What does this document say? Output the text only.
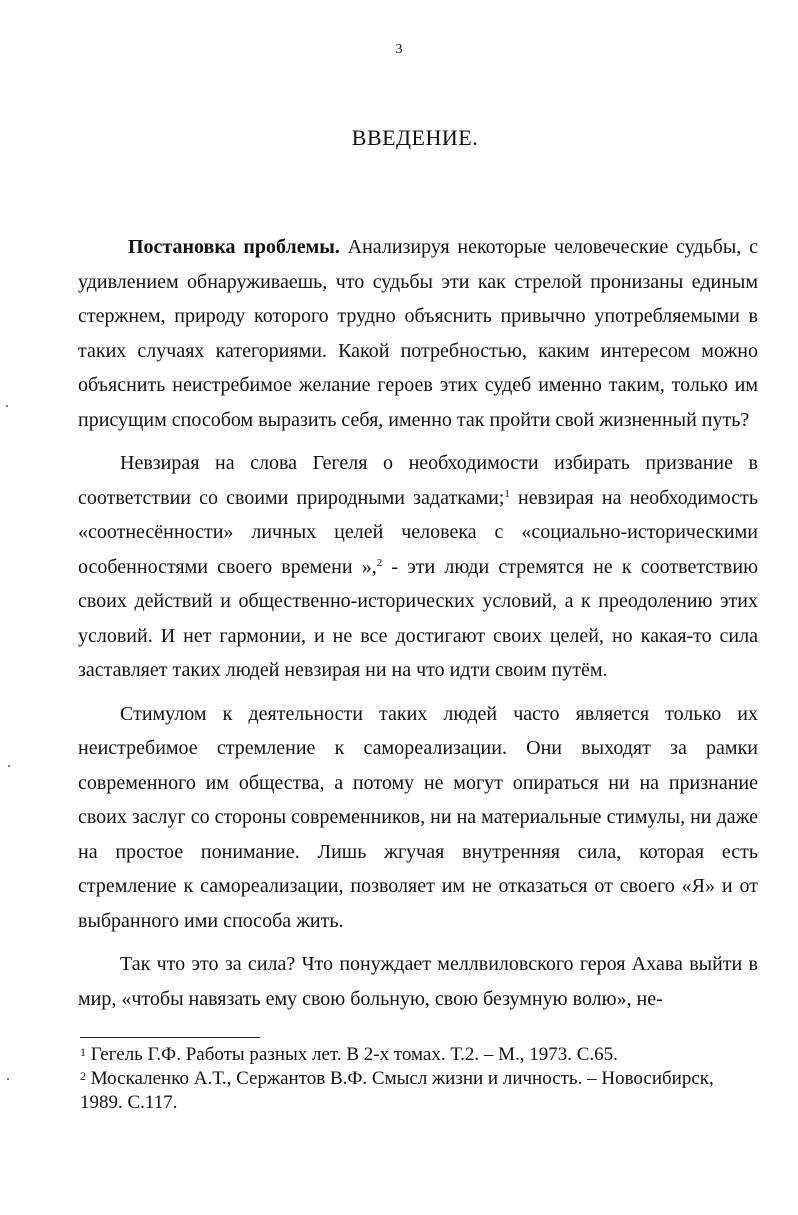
3
ВВЕДЕНИЕ.

Постановка проблемы. Анализируя некоторые человеческие судьбы, с удивлением обнаруживаешь, что судьбы эти как стрелой пронизаны единым стержнем, природу которого трудно объяснить привычно употребляемыми в таких случаях категориями. Какой потребностью, каким интересом можно объяснить неистребимое желание героев этих судеб именно таким, только им присущим способом выразить себя, именно так пройти свой жизненный путь?

Невзирая на слова Гегеля о необходимости избирать призвание в соответствии со своими природными задатками;$^1$ невзирая на необходимость «соотнесённости» личных целей человека с «социально-историческими особенностями своего времени »,$^2$ - эти люди стремятся не к соответствию своих действий и общественно-исторических условий, а к преодолению этих условий. И нет гармонии, и не все достигают своих целей, но какая-то сила заставляет таких людей невзирая ни на что идти своим путём.

Стимулом к деятельности таких людей часто является только их неистребимое стремление к самореализации. Они выходят за рамки современного им общества, а потому не могут опираться ни на признание своих заслуг со стороны современников, ни на материальные стимулы, ни даже на простое понимание. Лишь жгучая внутренняя сила, которая есть стремление к самореализации, позволяет им не отказаться от своего «Я» и от выбранного ими способа жить.

Так что это за сила? Что понуждает меллвиловского героя Ахава выйти в мир, «чтобы навязать ему свою больную, свою безумную волю», не-

$^1$ Гегель Г.Ф. Работы разных лет. В 2-х томах. Т.2. – М., 1973. С.65.
$^2$ Москаленко А.Т., Сержантов В.Ф. Смысл жизни и личность. – Новосибирск, 1989. С.117.
